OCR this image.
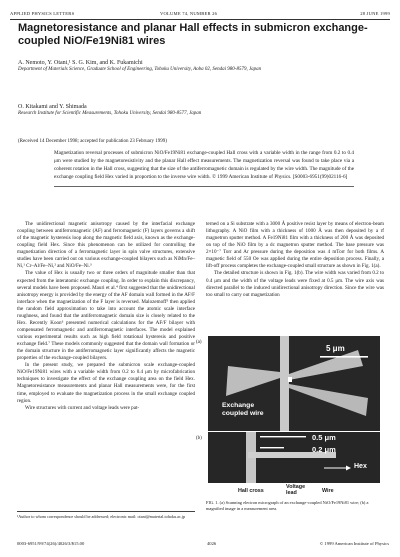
APPLIED PHYSICS LETTERS	VOLUME 74, NUMBER 26	28 JUNE 1999
Magnetoresistance and planar Hall effects in submicron exchange-coupled NiO/Fe19Ni81 wires
A. Nemoto, Y. Otani,¹ S. G. Kim, and K. Fukamichi
Department of Materials Science, Graduate School of Engineering, Tohoku University, Aoba 02, Sendai 980-8579, Japan
O. Kitakami and Y. Shimada
Research Institute for Scientific Measurements, Tohoku University, Sendai 980-8577, Japan
(Received 14 December 1998; accepted for publication 23 February 1999)
Magnetization reversal processes of submicron NiO/Fe19Ni81 exchange-coupled Hall cross with a variable width in the range from 0.2 to 0.4 μm were studied by the magnetoresistivity and the planar Hall effect measurements. The magnetization reversal was found to take place via a coherent rotation in the Hall cross, suggesting that the size of the antiferromagnetic domain is regulated by the wire width. The magnitude of the exchange coupling field Hex varied in proportion to the inverse wire width. © 1999 American Institute of Physics. [S0003-6951(99)02116-6]

The unidirectional magnetic anisotropy caused by the interfacial exchange coupling between antiferromagnetic (AF) and ferromagnetic (F) layers governs a shift of the magnetic hysteresis loop along the magnetic field axis, known as the exchange-coupling field Hex. Since this phenomenon can be utilized for controlling the magnetization direction of a ferromagnetic layer in spin valve structures, extensive studies have been carried out on various exchange-coupled bilayers such as NiMn/Fe–Ni,¹ Cr–Al/Fe–Ni,² and NiO/Fe–Ni.³

The value of Hex is usually two or three orders of magnitude smaller than that expected from the interatomic exchange coupling. In order to explain this discrepancy, several models have been proposed. Mauri et al.⁴ first suggested that the unidirectional anisotropy energy is provided by the energy of the AF domain wall formed in the AF/F interface when the magnetization of the F layer is reversed. Malozemoff⁵ then applied the random field approximation to take into account the atomic scale interface roughness, and found that the antiferromagnetic domain size is closely related to the Hex. Recently Koon⁶ presented numerical calculations for the AF/F bilayer with compensated ferromagnetic and antiferromagnetic interfaces. The model explained various experimental results such as high field rotational hysteresis and positive exchange field.⁷ These models commonly suggested that the domain wall formation or the domain structure in the antiferromagnetic layer significantly affects the magnetic properties of the exchange-coupled bilayers.

In the present study, we prepared the submicron scale exchange-coupled NiO/Fe19Ni81 wires with a variable width from 0.2 to 0.4 μm by microfabrication techniques to investigate the effect of the exchange coupling area on the field Hex. Magnetoresistance measurements and planar Hall measurements were, for the first time, employed to evaluate the magnetization process in the small exchange coupled region.

Wire structures with current and voltage leads were pat-

terned on a Si substrate with a 3000 Å positive resist layer by means of electron-beam lithography. A NiO film with a thickness of 1000 Å was then deposited by a rf magnetron sputter method. A Fe19Ni81 film with a thickness of 200 Å was deposited on top of the NiO film by a dc magnetron sputter method. The base pressure was 2×10⁻⁷ Torr and Ar pressure during the deposition was 4 mTorr for both films. A magnetic field of 550 Oe was applied during the entire deposition process. Finally, a lift-off process completes the exchange-coupled small structure as shown in Fig. 1(a).

The detailed structure is shown in Fig. 1(b). The wire width was varied from 0.2 to 0.4 μm and the width of the voltage leads were fixed at 0.5 μm. The wire axis was directed parallel to the induced unidirectional anisotropy direction. Since the wire was too small to carry out magnetization

5 μm
Exchange coupled wire
(a)
0.5 μm
0.2 μm
Hex
(b)
Hall cross
Voltage lead	Wire
FIG. 1. (a) Scanning electron micrograph of an exchange-coupled NiO/Fe19Ni81 wire; (b) a magnified image in a measurement area.
¹Author to whom correspondence should be addressed; electronic mail: otani@material.tohoku.ac.jp
0003-6951/99/74(26)/4026/3/$15.00	4026	© 1999 American Institute of Physics
